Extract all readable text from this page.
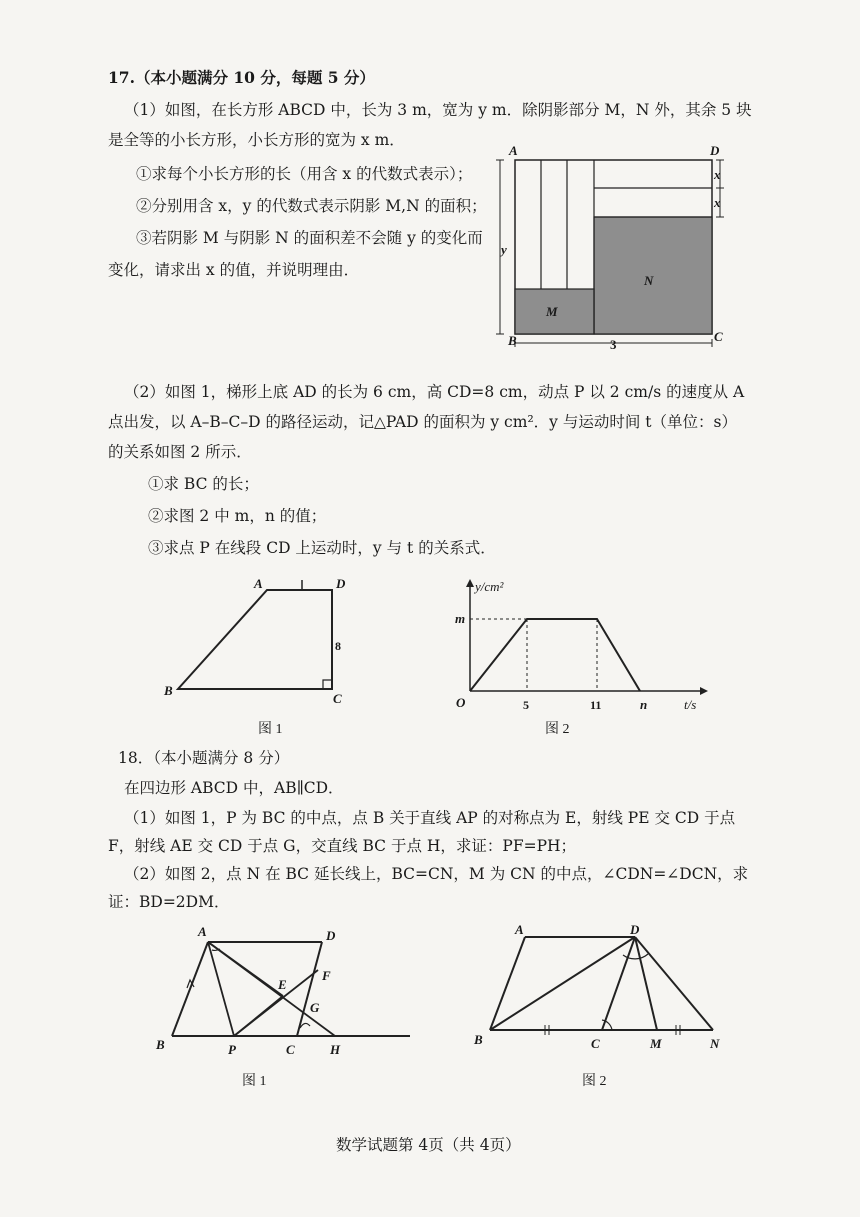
17.（本小题满分 10 分，每题 5 分）
（1）如图，在长方形 ABCD 中，长为 3 m，宽为 y m．除阴影部分 M，N 外，其余 5 块
是全等的小长方形，小长方形的宽为 x m．
①求每个小长方形的长（用含 x 的代数式表示）；
②分别用含 x，y 的代数式表示阴影 M,N 的面积；
③若阴影 M 与阴影 N 的面积差不会随 y 的变化而
变化，请求出 x 的值，并说明理由．
A	D
B	C
M
N
x
x
y
3
（2）如图 1，梯形上底 AD 的长为 6 cm，高 CD=8 cm，动点 P 以 2 cm/s 的速度从 A
点出发，以 A–B–C–D 的路径运动，记△PAD 的面积为 y cm²．y 与运动时间 t（单位：s）
的关系如图 2 所示．
①求 BC 的长；
②求图 2 中 m，n 的值；
③求点 P 在线段 CD 上运动时，y 与 t 的关系式．
A	D
B
C
8
图 1
y/cm²
t/s
O
m
5	11	n
图 2
18．（本小题满分 8 分）
在四边形 ABCD 中，AB∥CD．
（1）如图 1，P 为 BC 的中点，点 B 关于直线 AP 的对称点为 E，射线 PE 交 CD 于点
F，射线 AE 交 CD 于点 G，交直线 BC 于点 H，求证：PF=PH；
（2）如图 2，点 N 在 BC 延长线上，BC=CN，M 为 CN 的中点，∠CDN=∠DCN，求
证：BD=2DM．
A	D
B	P	C	H
E
F
G
图 1
A	D
B	C	M	N
图 2
数学试题第 4页（共 4页）
